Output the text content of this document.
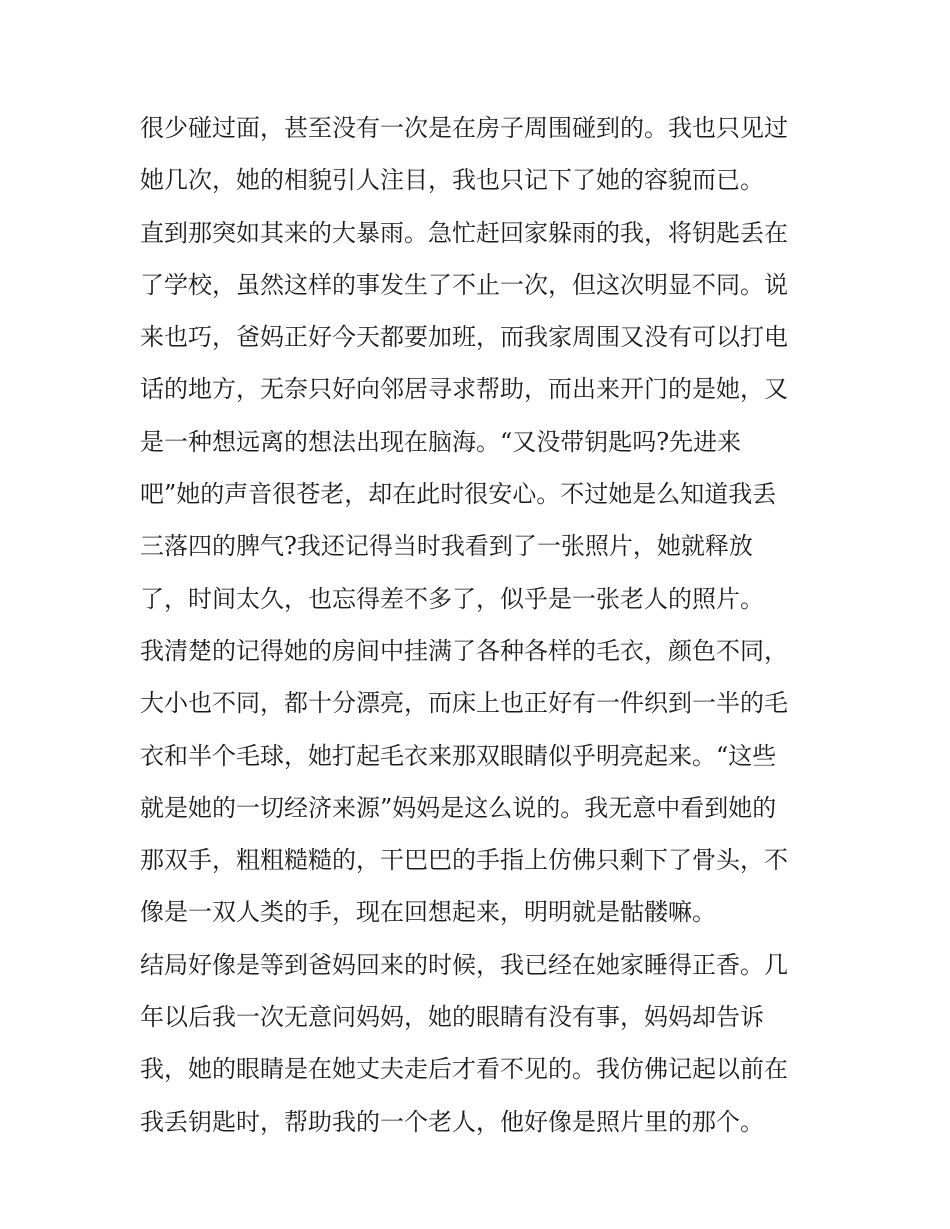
很少碰过面，甚至没有一次是在房子周围碰到的。我也只见过
她几次，她的相貌引人注目，我也只记下了她的容貌而已。
直到那突如其来的大暴雨。急忙赶回家躲雨的我，将钥匙丢在
了学校，虽然这样的事发生了不止一次，但这次明显不同。说
来也巧，爸妈正好今天都要加班，而我家周围又没有可以打电
话的地方，无奈只好向邻居寻求帮助，而出来开门的是她，又
是一种想远离的想法出现在脑海。“又没带钥匙吗?先进来
吧”她的声音很苍老，却在此时很安心。不过她是么知道我丢
三落四的脾气?我还记得当时我看到了一张照片，她就释放
了，时间太久，也忘得差不多了，似乎是一张老人的照片。
我清楚的记得她的房间中挂满了各种各样的毛衣，颜色不同，
大小也不同，都十分漂亮，而床上也正好有一件织到一半的毛
衣和半个毛球，她打起毛衣来那双眼睛似乎明亮起来。“这些
就是她的一切经济来源”妈妈是这么说的。我无意中看到她的
那双手，粗粗糙糙的，干巴巴的手指上仿佛只剩下了骨头，不
像是一双人类的手，现在回想起来，明明就是骷髅嘛。
结局好像是等到爸妈回来的时候，我已经在她家睡得正香。几
年以后我一次无意问妈妈，她的眼睛有没有事，妈妈却告诉
我，她的眼睛是在她丈夫走后才看不见的。我仿佛记起以前在
我丢钥匙时，帮助我的一个老人，他好像是照片里的那个。
